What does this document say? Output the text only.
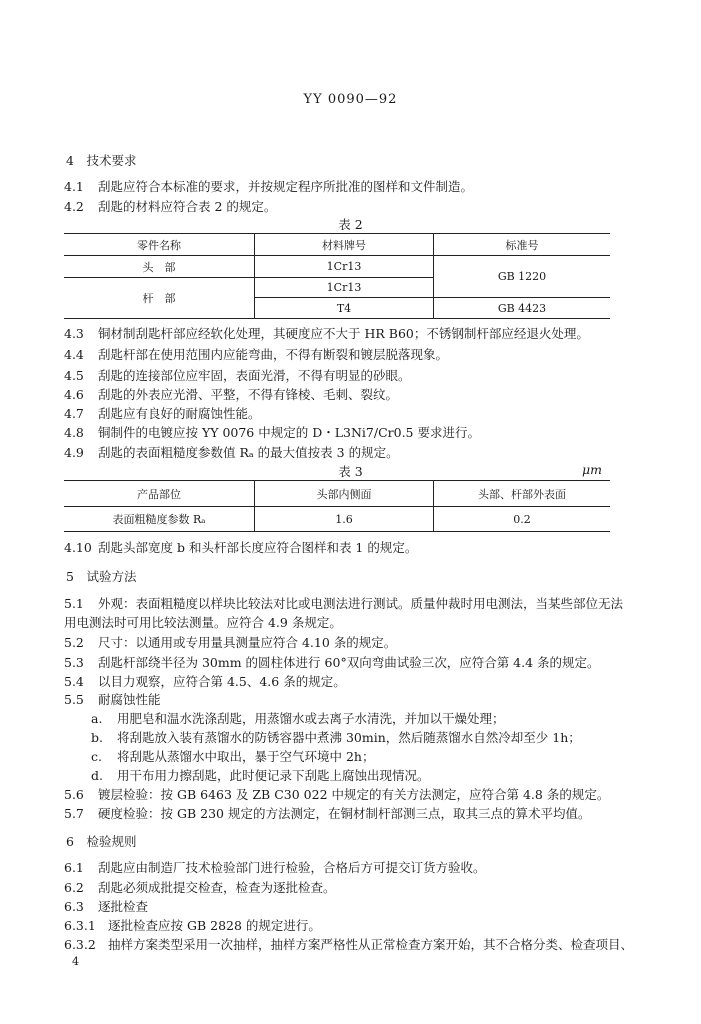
YY 0090—92
4　技术要求
4.1 刮匙应符合本标准的要求，并按规定程序所批准的图样和文件制造。
4.2 刮匙的材料应符合表 2 的规定。
表 2
零件名称	材料牌号	标准号
头　部	1Cr13	GB 1220
杆　部	1Cr13	
	T4	GB 4423
4.3 铜材制刮匙杆部应经软化处理，其硬度应不大于 HR B60；不锈钢制杆部应经退火处理。
4.4 刮匙杆部在使用范围内应能弯曲，不得有断裂和镀层脱落现象。
4.5 刮匙的连接部位应牢固，表面光滑，不得有明显的砂眼。
4.6 刮匙的外表应光滑、平整，不得有锋棱、毛刺、裂纹。
4.7 刮匙应有良好的耐腐蚀性能。
4.8 铜制件的电镀应按 YY 0076 中规定的 D・L3Ni7/Cr0.5 要求进行。
4.9 刮匙的表面粗糙度参数值 Rₐ 的最大值按表 3 的规定。
表 3	μm
产品部位	头部内侧面	头部、杆部外表面
表面粗糙度参数 Rₐ	1.6	0.2
4.10 刮匙头部宽度 b 和头杆部长度应符合图样和表 1 的规定。
5　试验方法
5.1 外观：表面粗糙度以样块比较法对比或电测法进行测试。质量仲裁时用电测法，当某些部位无法
用电测法时可用比较法测量。应符合 4.9 条规定。
5.2 尺寸：以通用或专用量具测量应符合 4.10 条的规定。
5.3 刮匙杆部绕半径为 30mm 的圆柱体进行 60°双向弯曲试验三次，应符合第 4.4 条的规定。
5.4 以目力观察，应符合第 4.5、4.6 条的规定。
5.5 耐腐蚀性能
a. 用肥皂和温水洗涤刮匙，用蒸馏水或去离子水清洗，并加以干燥处理；
b. 将刮匙放入装有蒸馏水的防锈容器中煮沸 30min，然后随蒸馏水自然冷却至少 1h；
c. 将刮匙从蒸馏水中取出，暴于空气环境中 2h；
d. 用干布用力擦刮匙，此时便记录下刮匙上腐蚀出现情况。
5.6 镀层检验：按 GB 6463 及 ZB C30 022 中规定的有关方法测定，应符合第 4.8 条的规定。
5.7 硬度检验：按 GB 230 规定的方法测定，在铜材制杆部测三点，取其三点的算术平均值。
6　检验规则
6.1 刮匙应由制造厂技术检验部门进行检验，合格后方可提交订货方验收。
6.2 刮匙必须成批提交检查，检查为逐批检查。
6.3 逐批检查
6.3.1 逐批检查应按 GB 2828 的规定进行。
6.3.2 抽样方案类型采用一次抽样，抽样方案严格性从正常检查方案开始，其不合格分类、检查项目、
4
